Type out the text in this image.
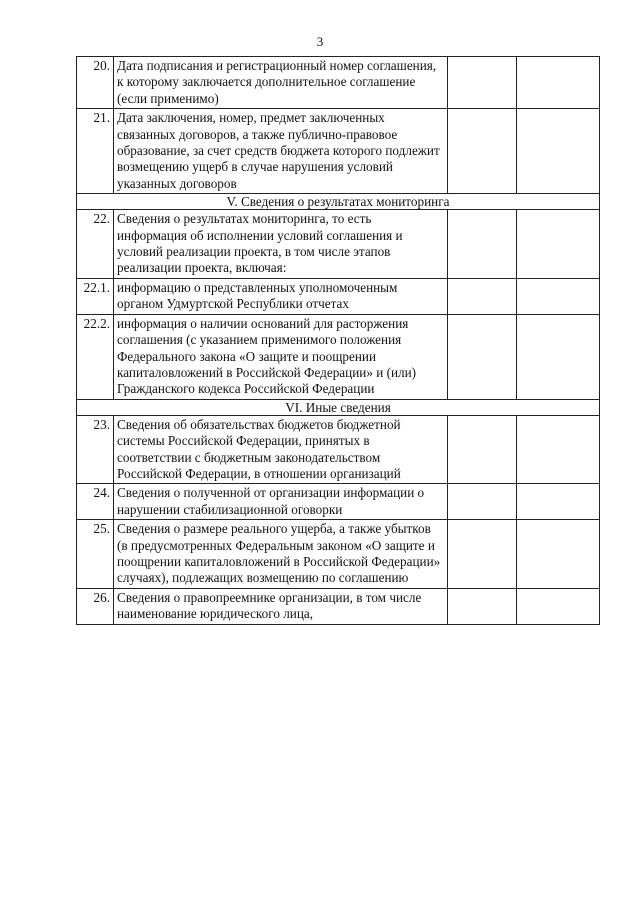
3
20.	Дата подписания и регистрационный номер соглашения, к которому заключается дополнительное соглашение (если применимо)		
21.	Дата заключения, номер, предмет заключенных связанных договоров, а также публично-правовое образование, за счет средств бюджета которого подлежит возмещению ущерб в случае нарушения условий указанных договоров		
V. Сведения о результатах мониторинга			
22.	Сведения о результатах мониторинга, то есть информация об исполнении условий соглашения и условий реализации проекта, в том числе этапов реализации проекта, включая:		
22.1.	информацию о представленных уполномоченным органом Удмуртской Республики отчетах		
22.2.	информация о наличии оснований для расторжения соглашения (с указанием применимого положения Федерального закона «О защите и поощрении капиталовложений в Российской Федерации» и (или) Гражданского кодекса Российской Федерации		
VI. Иные сведения			
23.	Сведения об обязательствах бюджетов бюджетной системы Российской Федерации, принятых в соответствии с бюджетным законодательством Российской Федерации, в отношении организаций		
24.	Сведения о полученной от организации информации о нарушении стабилизационной оговорки		
25.	Сведения о размере реального ущерба, а также убытков (в предусмотренных Федеральным законом «О защите и поощрении капиталовложений в Российской Федерации» случаях), подлежащих возмещению по соглашению		
26.	Сведения о правопреемнике организации, в том числе наименование юридического лица,		
